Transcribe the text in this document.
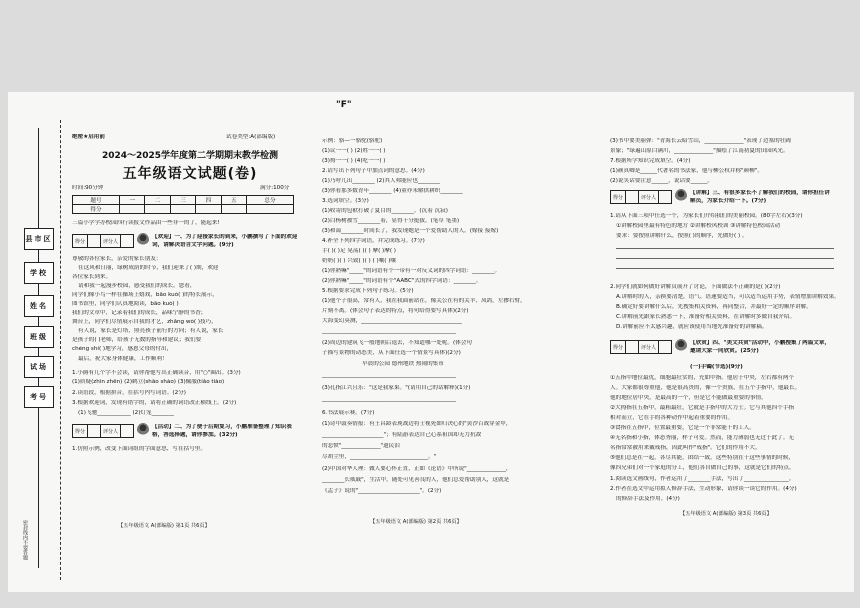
县市区
学校
姓名
班级
试场
考号
密封线内不要答题
绝密★启用前	试卷类型:A(部编版)
2024～2025学年度第二学期期末教学检测
五年级语文试题(卷)
时间:90分钟	满分:100分
题号	一	二	三	四	五	总分
得分						
三篇小学学办校园四行读报文作品由一些非一的了，能起来!
得分	评分人
【欢迎】一、为了迎接家长的到来，小鹏撰写了下面的欢迎
词，请解决语言文字问题。(9分)
尊敬的各位家长，亲爱的家长朋友：
在这风和日丽，绿树成荫的时节，我们迎来了( )期，欢迎
各位家长到来。
请和我一起漫步校园，感受我们的成长。您看，
同学们像小鸟一样在操场上嬉戏，bāo kuò( )的特长展示，
图书馆里，同学们认真地阅读，bāo kuò( )
我们的文章中，记录着我们的成长，品味宁静的书香；
舞台上，同学们尽情展示自我的才艺，zhǎng wò( )技巧，
有人说，家长是灯塔，照亮孩子前行的方向；有人说，家长
是孩子的( )老师，给孩子无数的指导和建议；我们要
chéng shí( )地学习，感恩父母的付出，
最后，祝大家身体健康，工作顺利！
1.小爵有几个字不会读，请你帮他写出正确读音，用"○"圈出。(3分)
(1)质疑(zhìn zhēn) (2)鹤立(shāo shào) (3)佩服(tiǎo tiào)
2.读语段，根据拼音，在括号内写词语。(2分)
3.根据欢迎词，发现有错字的，请将正确的词语改正横线上。(2分)
(1)飞驰____________ (2)灯笼________
得分	评分人
【活动】二、为了便于后期复习，小鹏准备整理了知识表
格，答选择题，请你参加。(32分)
1.仿照示例，改变下面词组的字面意思，写在括号里。
【五年级语文 A(部编版) 第1页 共6页】
"F"
示例：骆—一骆驼(骆驼)
(1)议一一( ) (2)姓一一( )
(3)拇一一( ) (4)吃一一( )
2.请写出下列句子中加点词的意思。(4分)
(1)乃呼儿出________ (2)其人弗能应也________
(3)你看那多数青年________ (4)童亦未解供耕织________
3.选词填空。(3分)
(1)收寄的包袱打破了夏目的________。(沉着 沉寂)
(2)白杨树被雪________着，显得十分挺拔。(笔草 笔墨)
(3)和蔼________时间长了，我发现她是一个爱帮助人的人。(嫁接 接嫁)
4.补全下列四字词语，并完成练习。(7分)
手( )( )足 晃荡( )( ) 摩( )摩( )
奶奶( )( ) 兴致( )( ) ( )嚷( )嚷
(1)你熟嘛"_____"的词语有个一带有一对反义词的四字词语：________。
(2)你熟嘛"_____"的词语有个"AABC"式的四字词语：________。
5.根据要求完成下列句子练习。(5分)
(1)他个子很高，常有人，我在我面前站在，像关公在有的关羊，凤鸽，左掺右臂，
片刻不离。(体会句子表达的特点，将句给得要写具体)(2分)
大海变幻莫测，____________________________________
________________________________________________
(2)周边的建筑飞一般地朝后退去，不知道哪一处呢。(体会句
子描写景物的动态美，从下面任选一个情景写具体)(2分)
早晨的公园 德州地铁 热闹的集市
________________________________________________
(3)孔指江兴且乐："这是我家果。"(请用自己的话解释)(1分)
________________________________________________
6.书法展示赛。(7分)
(1)诗中鼓奏情报：有王昌龄表现战边将士视死如归决心的"黄沙百战穿金甲，
______________________"；有陆游表达自己心系祖国却无力抗敌
的悲愤"______________"遗民泪
尽胡尘里，____________________________。"
(2)中国对华人理：做人要心怀正直，正如《论语》中所说"______________，
________长威戚"，生活中，随处可见善良的人，他们总爱帮助别人，这就是
《孟子》说的"______________________"。(2分)
【五年级语文 A(部编版) 第2页 共6页】
(3)书中要美丽弹："青海长云暗雪山，______________"表现了边塞的壮阔
景象；"绿遍山原白满川，______________"描绘了江南初夏的田园风光。
7.根据所学知识完成填空。(4分)
(1)颜真卿是______代著名的书法家，他与柳公权并称"颜柳"。
(2)说笑话要注意______，说话要______。
得分	评分人
【讲解】三、有很多家长不了解我们的校园，请你担任讲
解员，为家长介绍一下。(7分)
1.请从下面三项中任选一个，为家长们介绍我们的美丽校园。(80字左右)(3分)
①讲解校园里最有特色的地方 ②讲解校风校训 ③讲解特色校园活动
要求：要按照讲解什么，按照( )的顺序，先做好( ) 。
2.同学们就如何做好讲解员展开了讨论，下面做法不正确的是( )(2分)
A.讲解时的人，亲换要清楚，语气、语速要适当，可以适当运用手势，表情增加讲解效果。
B.确定好要讲解什么后，先搜集相关资料，再同整合，并最好一定的顺序讲解。
C.讲解前先跟家长熟悉一下，准备好相关资料，在讲解时多做自我介绍。
D.讲解前应不太感兴趣，就应该使用当地先准备好的讲解稿。
得分	评分人
【欣赏】四、"美文共赏"活动中，小鹏搜集了两篇文章，
邀请大家一同欣赏。(25分)
(一)手镯(节选)(9分)
①五指中地位最优，细胞最壮实的，充如中指。他居于中央，左右都有两个
人。大家都很尊重他，他是很高贵的，像一个贵族，在五个手指中，他最长。
他的地位居中央，是最高的一个，但是它不能做最重要的事情。
②大拇指在五指中，最粗最壮，它就是手指中的大力士。它与其他四个手指
相对而立，它在手的各种动作中起着重要的作用。
③食指在五指中，位置最重要，它是一个非常能干的工人。
④无名指和小指，体态秀丽，样子可爱。然而，能力薄弱也无过于此了。无
名指常常被用来戴戒指，因此叫作"戒指"。它们的作用不大。
⑤他们总是在一起，各尽其能，团结一致。这些特别在干这些事情的时候，
像四兄弟们对一个家庭的分工，他们各自做自己的事，这就是它们的特点。
1.阅读选文画线句，作者运用了________手法，写出了________________。
2.作者在选文中运用拟人修辞手法，生动形象，请你谈一谈它的作用。(4分)
的修辞手法及作用。(4分)
【五年级语文 A(部编版) 第3页 共6页】
